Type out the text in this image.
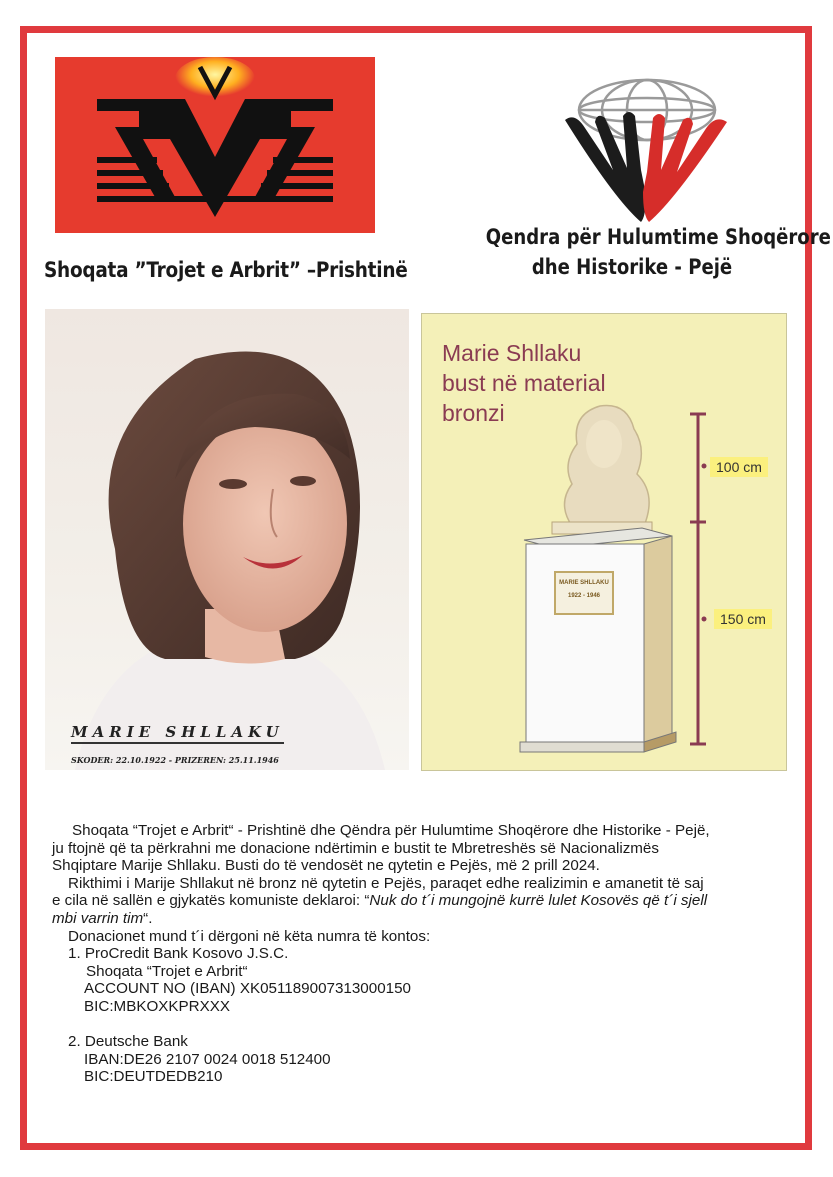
Shoqata ”Trojet e Arbrit” –Prishtinë
Qendra për Hulumtime Shoqërore
dhe Historike - Pejë
MARIE SHLLAKU
SKODER: 22.10.1922 - PRIZEREN: 25.11.1946
Marie Shllaku
bust në material
bronzi
MARIE SHLLAKU
1922 - 1946
100 cm
150 cm

Shoqata “Trojet e Arbrit“ - Prishtinë dhe Qëndra për Hulumtime Shoqërore dhe Historike - Pejë,

ju ftojnë që ta përkrahni me donacione ndërtimin e bustit te Mbretreshës së Nacionalizmës

Shqiptare Marije Shllaku. Busti do të vendosët ne qytetin e Pejës, më 2 prill 2024.

Rikthimi i Marije Shllakut në bronz në qytetin e Pejës, paraqet edhe realizimin e amanetit të saj

e cila në sallën e gjykatës komuniste deklaroi: “Nuk do t´i mungojnë kurrë lulet Kosovës që t´i sjell

mbi varrin tim“.

Donacionet mund t´i dërgoni në këta numra të kontos:

1. ProCredit Bank Kosovo J.S.C.

Shoqata “Trojet e Arbrit“

ACCOUNT NO (IBAN) XK051189007313000150

BIC:MBKOXKPRXXX

2. Deutsche Bank

IBAN:DE26 2107 0024 0018 512400

BIC:DEUTDEDB210
